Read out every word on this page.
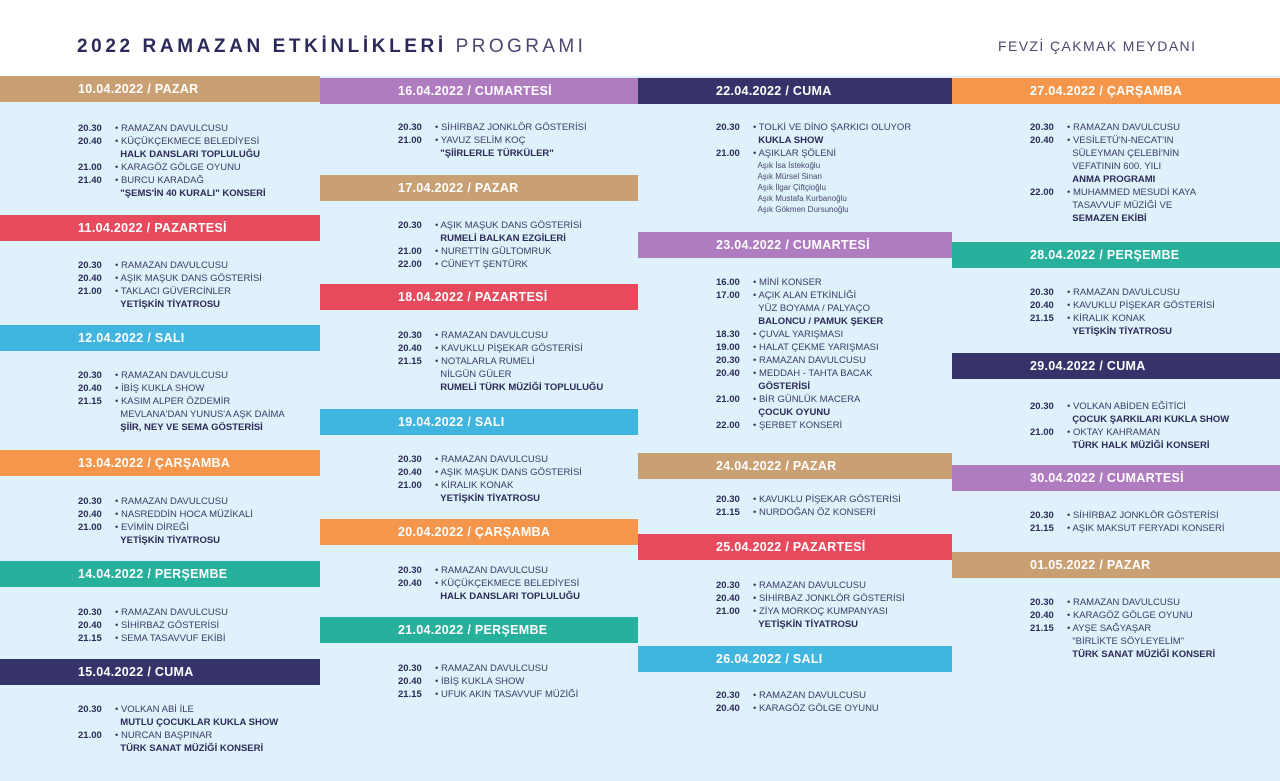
2022 RAMAZAN ETKİNLİKLERİ PROGRAMI	FEVZİ ÇAKMAK MEYDANI
10.04.2022 / PAZAR
20.30	• RAMAZAN DAVULCUSU
20.40	• KÜÇÜKÇEKMECE BELEDİYESİ
HALK DANSLARI TOPLULUĞU
21.00	• KARAGÖZ GÖLGE OYUNU
21.40	• BURCU KARADAĞ
"ŞEMS'İN 40 KURALI" KONSERİ
11.04.2022 / PAZARTESİ
20.30	• RAMAZAN DAVULCUSU
20.40	• AŞIK MAŞUK DANS GÖSTERİSİ
21.00	• TAKLACI GÜVERCİNLER
YETİŞKİN TİYATROSU
12.04.2022 / SALI
20.30	• RAMAZAN DAVULCUSU
20.40	• İBİŞ KUKLA SHOW
21.15	• KASIM ALPER ÖZDEMİR
MEVLANA'DAN YUNUS'A AŞK DAİMA
ŞİİR, NEY VE SEMA GÖSTERİSİ
13.04.2022 / ÇARŞAMBA
20.30	• RAMAZAN DAVULCUSU
20.40	• NASREDDİN HOCA MÜZİKALİ
21.00	• EVİMİN DİREĞİ
YETİŞKİN TİYATROSU
14.04.2022 / PERŞEMBE
20.30	• RAMAZAN DAVULCUSU
20.40	• SİHİRBAZ GÖSTERİSİ
21.15	• SEMA TASAVVUF EKİBİ
15.04.2022 / CUMA
20.30	• VOLKAN ABİ İLE
MUTLU ÇOCUKLAR KUKLA SHOW
21.00	• NURCAN BAŞPINAR
TÜRK SANAT MÜZİĞİ KONSERİ
16.04.2022 / CUMARTESİ
20.30	• SİHİRBAZ JONKLÖR GÖSTERİSİ
21.00	• YAVUZ SELİM KOÇ
"ŞİİRLERLE TÜRKÜLER"
17.04.2022 / PAZAR
20.30	• AŞIK MAŞUK DANS GÖSTERİSİ
RUMELİ BALKAN EZGİLERİ
21.00	• NURETTİN GÜLTOMRUK
22.00	• CÜNEYT ŞENTÜRK
18.04.2022 / PAZARTESİ
20.30	• RAMAZAN DAVULCUSU
20.40	• KAVUKLU PİŞEKAR GÖSTERİSİ
21.15	• NOTALARLA RUMELİ
NİLGÜN GÜLER
RUMELİ TÜRK MÜZİĞİ TOPLULUĞU
19.04.2022 / SALI
20.30	• RAMAZAN DAVULCUSU
20.40	• AŞIK MAŞUK DANS GÖSTERİSİ
21.00	• KİRALIK KONAK
YETİŞKİN TİYATROSU
20.04.2022 / ÇARŞAMBA
20.30	• RAMAZAN DAVULCUSU
20.40	• KÜÇÜKÇEKMECE BELEDİYESİ
HALK DANSLARI TOPLULUĞU
21.04.2022 / PERŞEMBE
20.30	• RAMAZAN DAVULCUSU
20.40	• İBİŞ KUKLA SHOW
21.15	• UFUK AKIN TASAVVUF MÜZİĞİ
22.04.2022 / CUMA
20.30	• TOLKİ VE DİNO ŞARKICI OLUYOR
KUKLA SHOW
21.00	• AŞIKLAR ŞÖLENİ
Aşık İsa İstekoğlu
Aşık Mürsel Sinan
Aşık İlgar Çiftçioğlu
Aşık Mustafa Kurbanoğlu
Aşık Gökmen Dursunoğlu
23.04.2022 / CUMARTESİ
16.00	• MİNİ KONSER
17.00	• AÇIK ALAN ETKİNLİĞİ
YÜZ BOYAMA / PALYAÇO
BALONCU / PAMUK ŞEKER
18.30	• ÇUVAL YARIŞMASI
19.00	• HALAT ÇEKME YARIŞMASI
20.30	• RAMAZAN DAVULCUSU
20.40	• MEDDAH - TAHTA BACAK
GÖSTERİSİ
21.00	• BİR GÜNLÜK MACERA
ÇOCUK OYUNU
22.00	• ŞERBET KONSERİ
24.04.2022 / PAZAR
20.30	• KAVUKLU PİŞEKAR GÖSTERİSİ
21.15	• NURDOĞAN ÖZ KONSERİ
25.04.2022 / PAZARTESİ
20.30	• RAMAZAN DAVULCUSU
20.40	• SİHİRBAZ JONKLÖR GÖSTERİSİ
21.00	• ZİYA MORKOÇ KUMPANYASI
YETİŞKİN TİYATROSU
26.04.2022 / SALI
20.30	• RAMAZAN DAVULCUSU
20.40	• KARAGÖZ GÖLGE OYUNU
27.04.2022 / ÇARŞAMBA
20.30	• RAMAZAN DAVULCUSU
20.40	• VESİLETÜ'N-NECAT'IN
SÜLEYMAN ÇELEBİ'NİN
VEFATININ 600. YILI
ANMA PROGRAMI
22.00	• MUHAMMED MESUDİ KAYA
TASAVVUF MÜZİĞİ VE
SEMAZEN EKİBİ
28.04.2022 / PERŞEMBE
20.30	• RAMAZAN DAVULCUSU
20.40	• KAVUKLU PİŞEKAR GÖSTERİSİ
21.15	• KİRALIK KONAK
YETİŞKİN TİYATROSU
29.04.2022 / CUMA
20.30	• VOLKAN ABİDEN EĞİTİCİ
ÇOCUK ŞARKILARI KUKLA SHOW
21.00	• OKTAY KAHRAMAN
TÜRK HALK MÜZİĞİ KONSERİ
30.04.2022 / CUMARTESİ
20.30	• SİHİRBAZ JONKLÖR GÖSTERİSİ
21.15	• AŞIK MAKSUT FERYADI KONSERİ
01.05.2022 / PAZAR
20.30	• RAMAZAN DAVULCUSU
20.40	• KARAGÖZ GÖLGE OYUNU
21.15	• AYŞE SAĞYAŞAR
"BİRLİKTE SÖYLEYELİM"
TÜRK SANAT MÜZİĞİ KONSERİ
